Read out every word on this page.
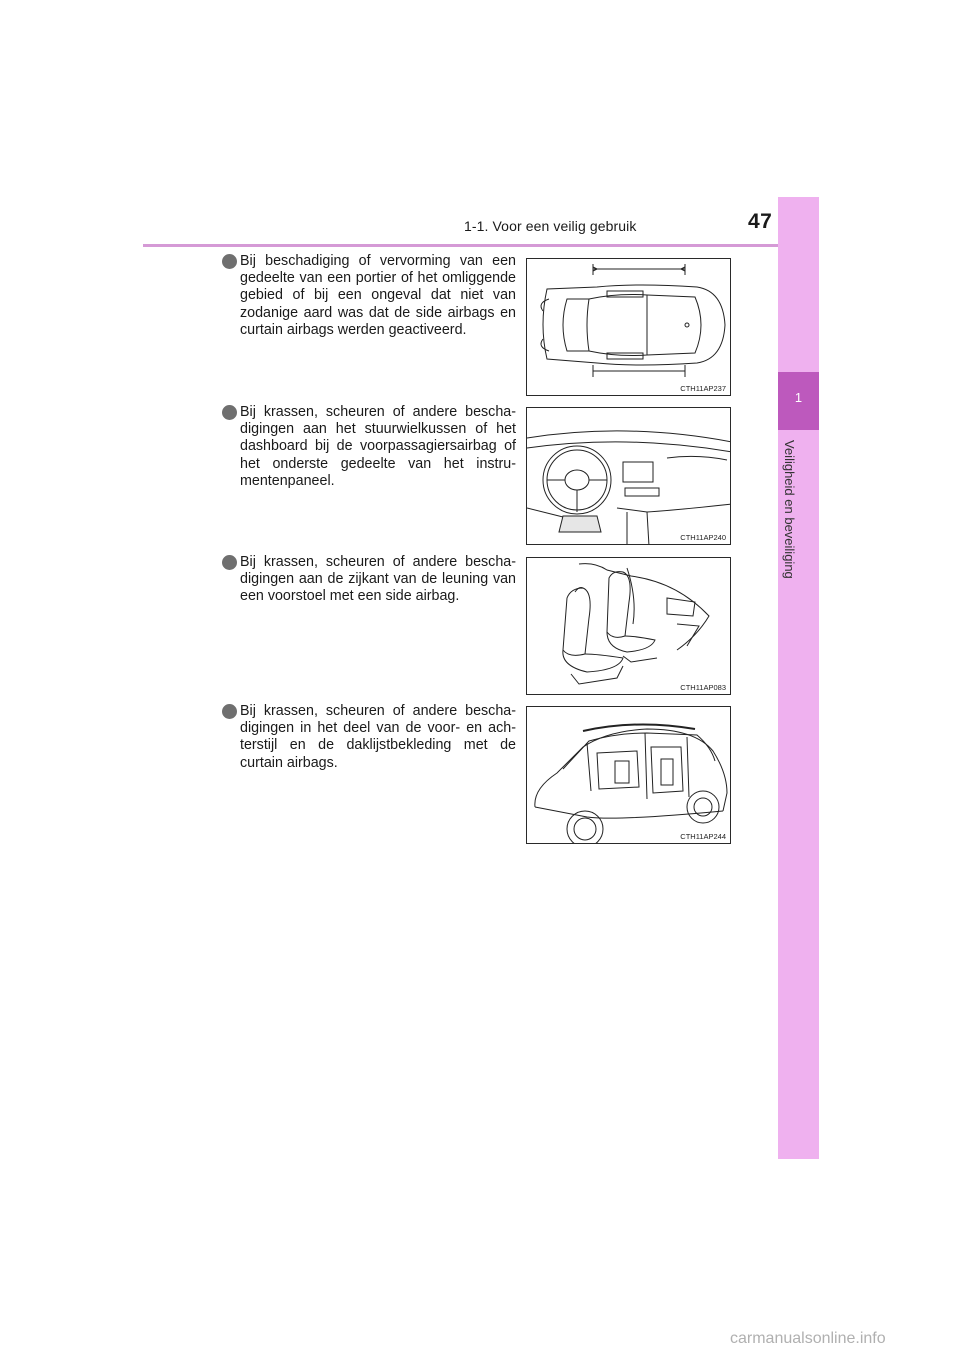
1-1. Voor een veilig gebruik	47
1
Veiligheid en beveiliging
Bij beschadiging of vervorming van een gedeelte van een portier of het omliggende gebied of bij een ongeval dat niet van zodanige aard was dat de side airbags en curtain airbags werden geactiveerd.
CTH11AP237
Bij krassen, scheuren of andere beschadigingen aan het stuurwielkussen of het dashboard bij de voorpassagiersairbag of het onderste gedeelte van het instrumentenpaneel.
CTH11AP240
Bij krassen, scheuren of andere beschadigingen aan de zijkant van de leuning van een voorstoel met een side airbag.
CTH11AP083
Bij krassen, scheuren of andere beschadigingen in het deel van de voor- en achterstijl en de daklijstbekleding met de curtain airbags.
CTH11AP244
carmanualsonline.info
